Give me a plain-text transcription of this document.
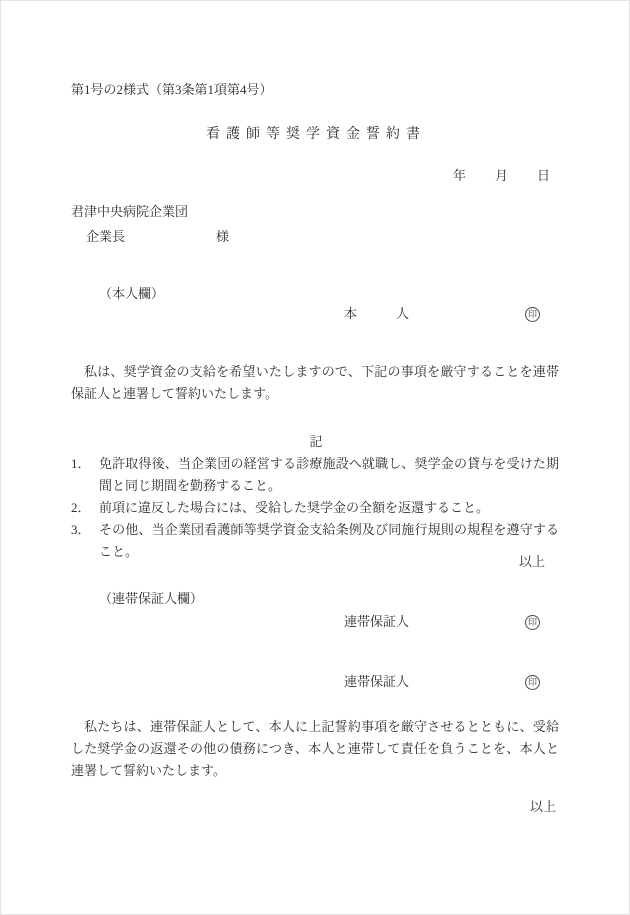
第1号の2様式（第3条第1項第4号）
看護師等奨学資金誓約書
年　　月　　日
君津中央病院企業団
企業長	様
（本人欄）
本　　　人	印

私は、奨学資金の支給を希望いたしますので、下記の事項を厳守することを連帯保証人と連署して誓約いたします。

記
1． 免許取得後、当企業団の経営する診療施設へ就職し、奨学金の貸与を受けた期間と同じ期間を勤務すること。
2． 前項に違反した場合には、受給した奨学金の全額を返還すること。
3． その他、当企業団看護師等奨学資金支給条例及び同施行規則の規程を遵守すること。
以上
（連帯保証人欄）
連帯保証人	印
連帯保証人	印

私たちは、連帯保証人として、本人に上記誓約事項を厳守させるとともに、受給した奨学金の返還その他の債務につき、本人と連帯して責任を負うことを、本人と連署して誓約いたします。

以上
